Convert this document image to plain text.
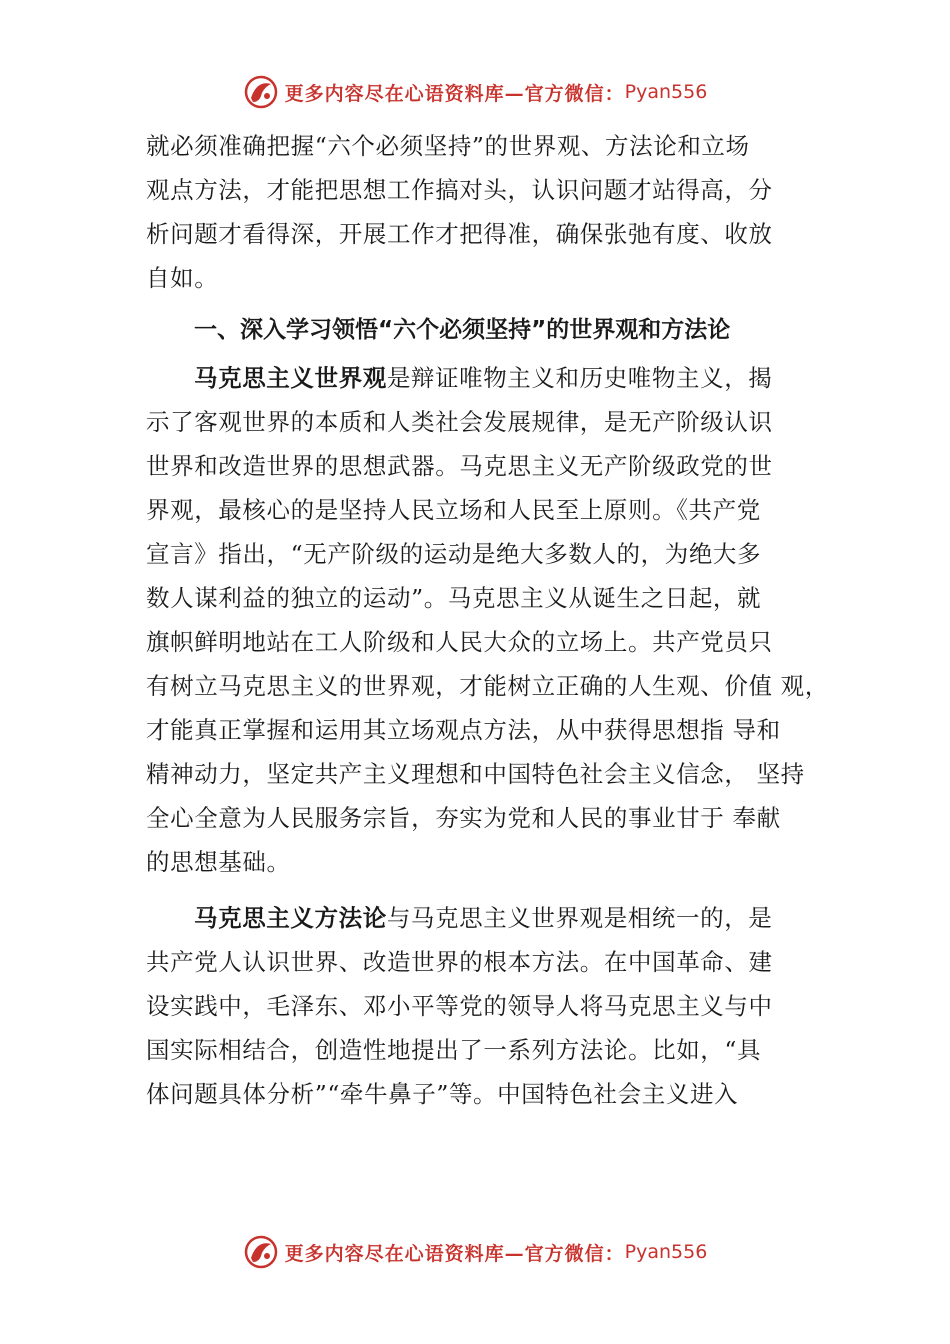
更多内容尽在心语资料库—官方微信： Pyan556
就必须准确把握“六个必须坚持”的世界观、方法论和立场
观点方法，才能把思想工作搞对头，认识问题才站得高，分
析问题才看得深，开展工作才把得准，确保张弛有度、收放
自如。
一、深入学习领悟“六个必须坚持”的世界观和方法论
马克思主义世界观是辩证唯物主义和历史唯物主义，揭
示了客观世界的本质和人类社会发展规律，是无产阶级认识
世界和改造世界的思想武器。马克思主义无产阶级政党的世
界观，最核心的是坚持人民立场和人民至上原则。《共产党
宣言》指出，“无产阶级的运动是绝大多数人的，为绝大多
数人谋利益的独立的运动”。马克思主义从诞生之日起，就
旗帜鲜明地站在工人阶级和人民大众的立场上。共产党员只
有树立马克思主义的世界观，才能树立正确的人生观、价值 观，
才能真正掌握和运用其立场观点方法，从中获得思想指 导和
精神动力，坚定共产主义理想和中国特色社会主义信念， 坚持
全心全意为人民服务宗旨，夯实为党和人民的事业甘于 奉献
的思想基础。
马克思主义方法论与马克思主义世界观是相统一的，是
共产党人认识世界、改造世界的根本方法。在中国革命、建
设实践中，毛泽东、邓小平等党的领导人将马克思主义与中
国实际相结合，创造性地提出了一系列方法论。比如，“具
体问题具体分析”“牵牛鼻子”等。中国特色社会主义进入
更多内容尽在心语资料库—官方微信： Pyan556
